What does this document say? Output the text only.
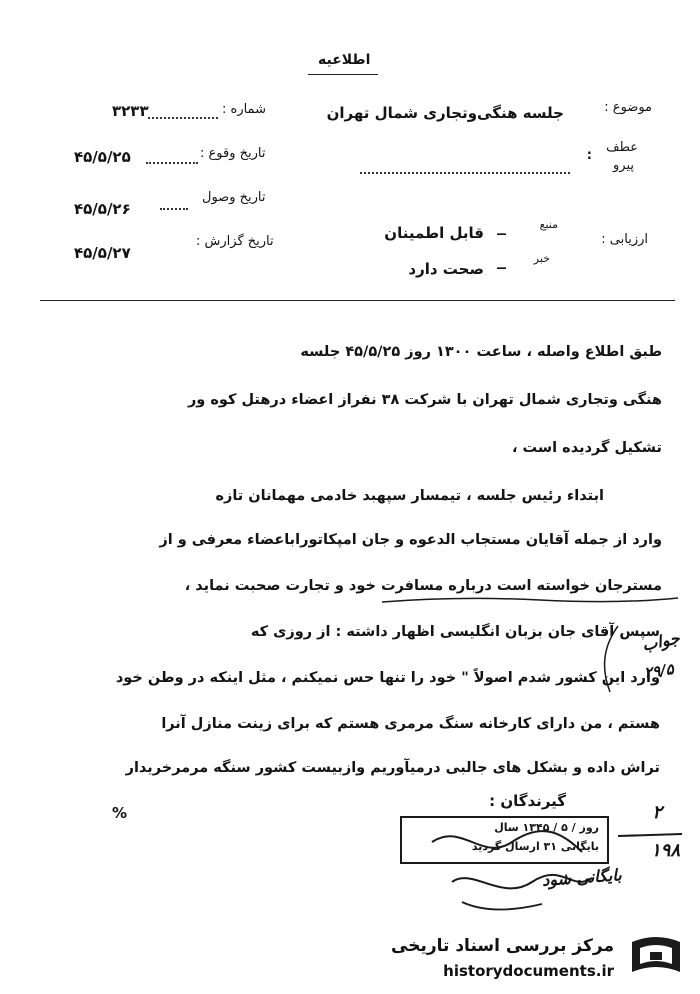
اطلاعیه
موضوع :
جلسه هنگی‌وتجاری شمال تهران
عطف
پیرو
:
ارزیابی :
منبع
ــ
قابل اطمینان
خبر
ــ
صحت دارد
شماره :
۳۲۳۳
تاریخ وقوع :
۴۵/۵/۲۵
تاریخ وصول
۴۵/۵/۲۶
تاریخ گزارش :
۴۵/۵/۲۷
طبق اطلاع واصله ، ساعت ۱۳۰۰ روز ۴۵/۵/۲۵ جلسه
هنگی وتجاری شمال تهران با شرکت ۳۸ نفراز اعضاء درهتل کوه ور
تشکیل گردیده است ،
ابتداء رئیس جلسه ، تیمسار سپهبد خادمی مهمانان تازه
وارد از جمله آقایان مستجاب الدعوه و جان امپکاتوراباعضاء معرفی و از
مسترجان خواسته است درباره مسافرت خود و تجارت صحبت نماید ،
سپس آقای جان بزبان انگلیسی اظهار داشته : از روزی که
وارد این کشور شدم اصولاً " خود را تنها حس نمیکنم ، مثل اینکه در وطن خود
هستم ، من دارای کارخانه سنگ مرمری هستم که برای زینت منازل آنرا
تراش داده و بشکل های جالبی درمیآوریم وازبیست کشور سنگه مرمرخریدار
%
گیرندگان :
جواب
۲۹/۵
۲
۱۹۸
روز / ۵ / ۱۳۴۵ سال
بایگانی ۳۱ ارسال گردید
بایگانی شود
مرکز بررسی اسناد تاریخی
historydocuments.ir
